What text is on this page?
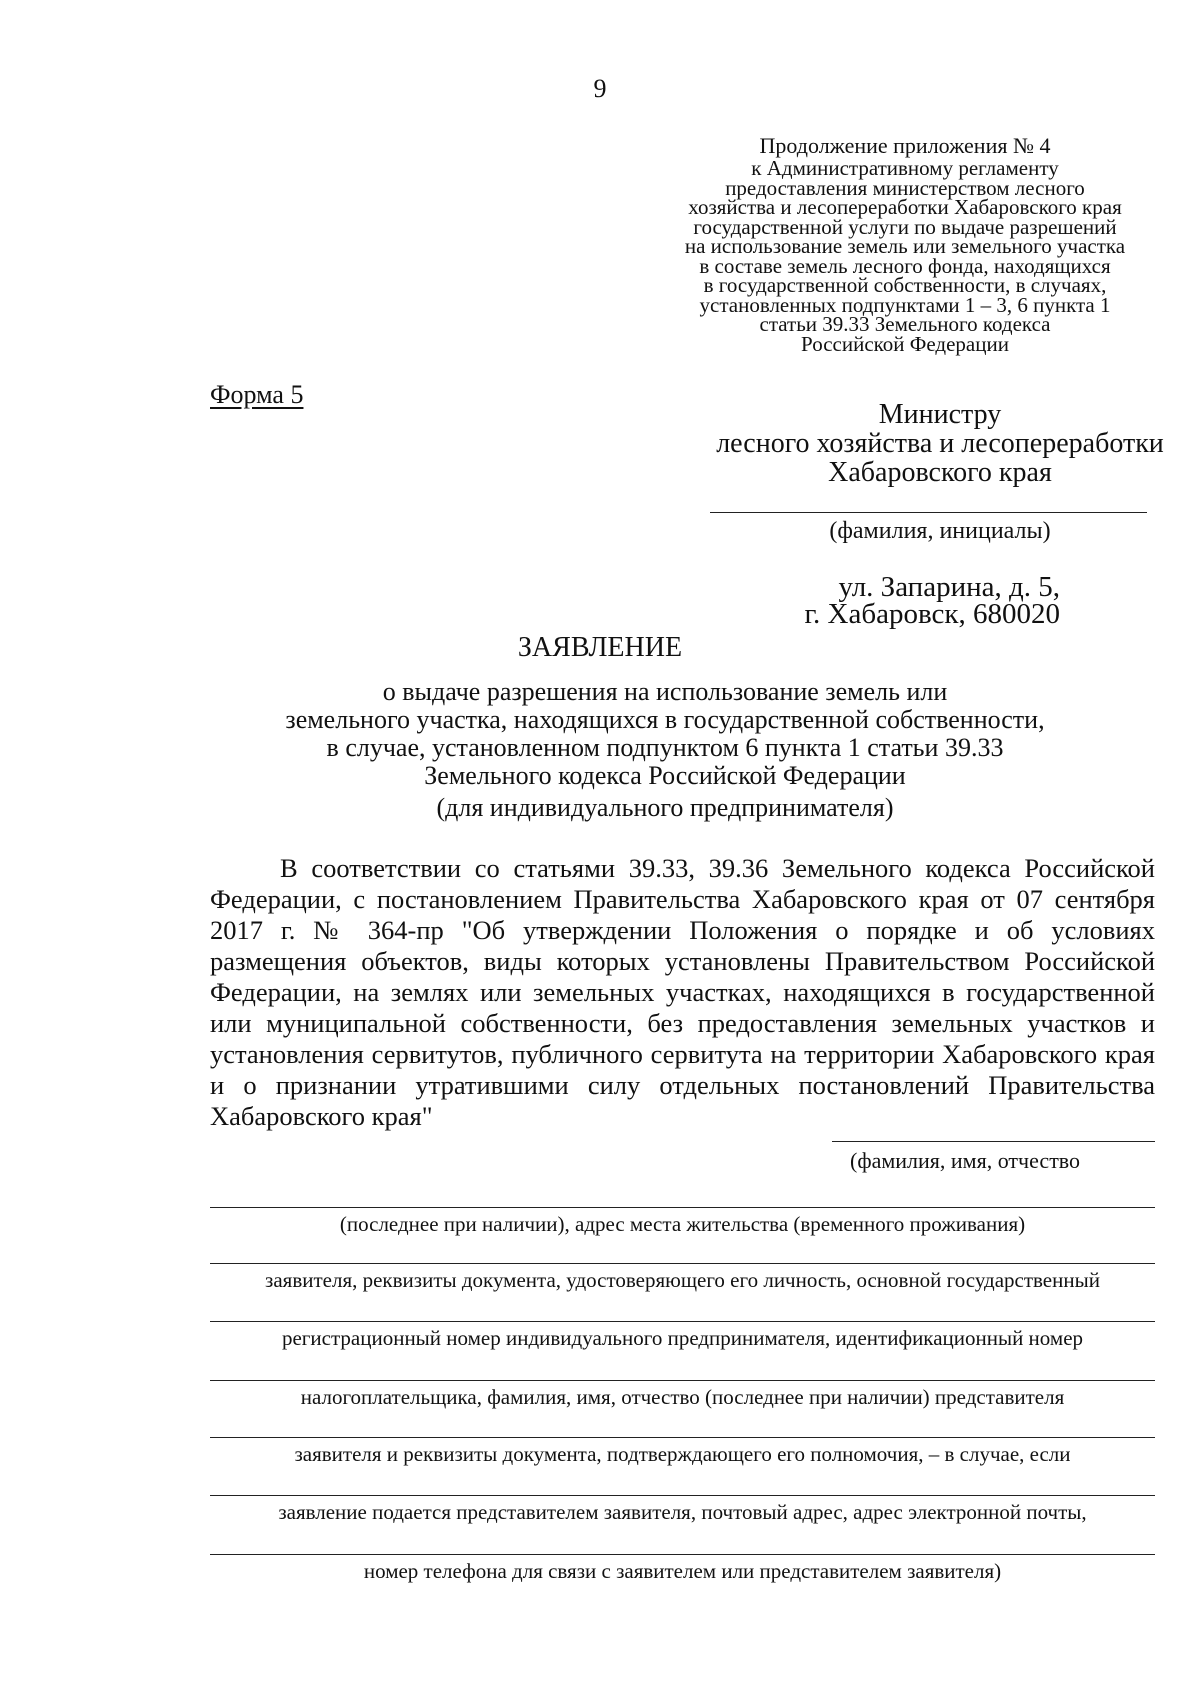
9
Продолжение приложения № 4
к Административному регламенту
предоставления министерством лесного
хозяйства и лесопереработки Хабаровского края
государственной услуги по выдаче разрешений
на использование земель или земельного участка
в составе земель лесного фонда, находящихся
в государственной собственности, в случаях,
установленных подпунктами 1 – 3, 6 пункта 1
статьи 39.33 Земельного кодекса
Российской Федерации
Форма 5
Министру
лесного хозяйства и лесопереработки
Хабаровского края
(фамилия, инициалы)
ул. Запарина, д. 5,
г. Хабаровск, 680020
ЗАЯВЛЕНИЕ
о выдаче разрешения на использование земель или
земельного участка, находящихся в государственной собственности,
в случае, установленном подпунктом 6 пункта 1 статьи 39.33
Земельного кодекса Российской Федерации
(для индивидуального предпринимателя)
В соответствии со статьями 39.33, 39.36 Земельного кодекса Российской Федерации, с постановлением Правительства Хабаровского края от 07 сентября 2017 г. № 364-пр "Об утверждении Положения о порядке и об условиях размещения объектов, виды которых установлены Правительством Российской Федерации, на землях или земельных участках, находящихся в государственной или муниципальной собственности, без предоставления земельных участков и установления сервитутов, публичного сервитута на территории Хабаровского края и о признании утратившими силу отдельных постановлений Правительства Хабаровского края"
(фамилия, имя, отчество
(последнее при наличии), адрес места жительства (временного проживания)
заявителя, реквизиты документа, удостоверяющего его личность, основной государственный
регистрационный номер индивидуального предпринимателя, идентификационный номер
налогоплательщика, фамилия, имя, отчество (последнее при наличии) представителя
заявителя и реквизиты документа, подтверждающего его полномочия, – в случае, если
заявление подается представителем заявителя, почтовый адрес, адрес электронной почты,
номер телефона для связи с заявителем или представителем заявителя)
